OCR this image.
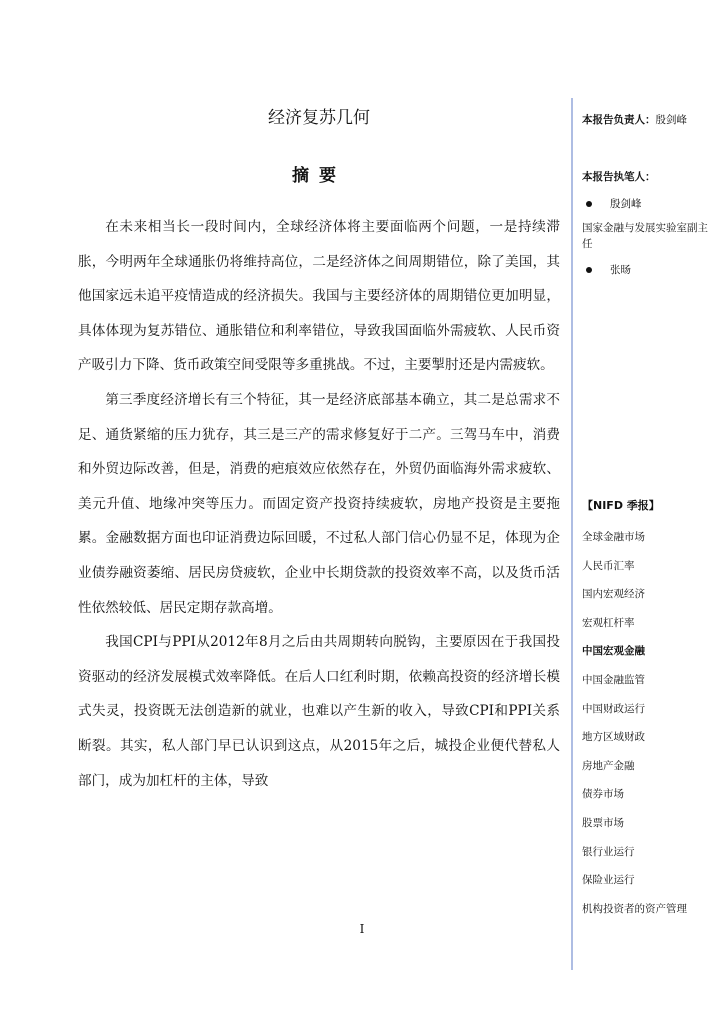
经济复苏几何
摘要

在未来相当长一段时间内，全球经济体将主要面临两个问题，一是持续滞胀，今明两年全球通胀仍将维持高位，二是经济体之间周期错位，除了美国，其他国家远未追平疫情造成的经济损失。我国与主要经济体的周期错位更加明显，具体体现为复苏错位、通胀错位和利率错位，导致我国面临外需疲软、人民币资产吸引力下降、货币政策空间受限等多重挑战。不过，主要掣肘还是内需疲软。

第三季度经济增长有三个特征，其一是经济底部基本确立，其二是总需求不足、通货紧缩的压力犹存，其三是三产的需求修复好于二产。三驾马车中，消费和外贸边际改善，但是，消费的疤痕效应依然存在，外贸仍面临海外需求疲软、美元升值、地缘冲突等压力。而固定资产投资持续疲软，房地产投资是主要拖累。金融数据方面也印证消费边际回暖，不过私人部门信心仍显不足，体现为企业债券融资萎缩、居民房贷疲软，企业中长期贷款的投资效率不高，以及货币活性依然较低、居民定期存款高增。

我国CPI与PPI从2012年8月之后由共周期转向脱钩，主要原因在于我国投资驱动的经济发展模式效率降低。在后人口红利时期，依赖高投资的经济增长模式失灵，投资既无法创造新的就业，也难以产生新的收入，导致CPI和PPI关系断裂。其实，私人部门早已认识到这点，从2015年之后，城投企业便代替私人部门，成为加杠杆的主体，导致

I
本报告负责人：殷剑峰
本报告执笔人：
殷剑峰
国家金融与发展实验室副主任
张旸
【NIFD 季报】
全球金融市场
人民币汇率
国内宏观经济
宏观杠杆率
中国宏观金融
中国金融监管
中国财政运行
地方区域财政
房地产金融
债券市场
股票市场
银行业运行
保险业运行
机构投资者的资产管理
